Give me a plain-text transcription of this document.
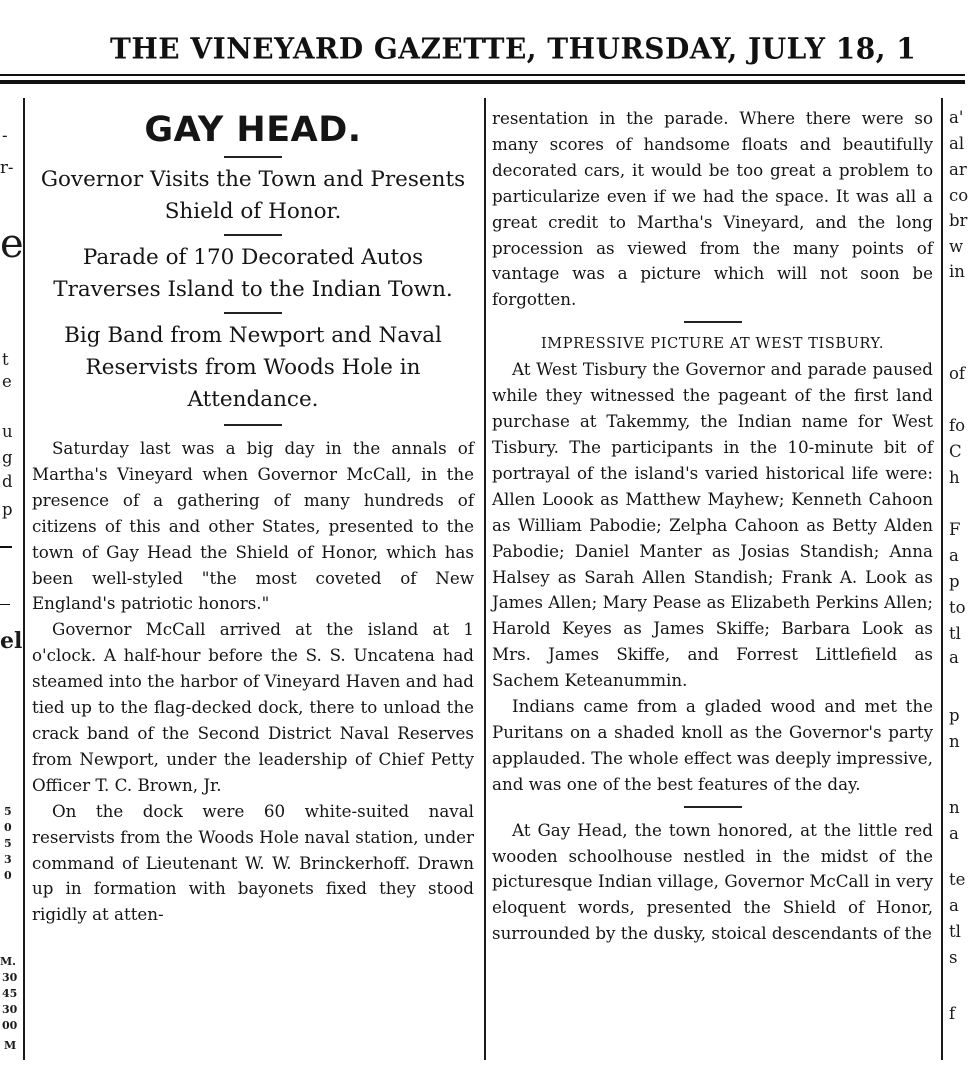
THE VINEYARD GAZETTE, THURSDAY, JULY 18, 1
GAY HEAD.
Governor Visits the Town and Presents Shield of Honor.
Parade of 170 Decorated Autos Traverses Island to the Indian Town.
Big Band from Newport and Naval Reservists from Woods Hole in Attendance.

Saturday last was a big day in the annals of Martha's Vineyard when Governor McCall, in the presence of a gathering of many hundreds of citizens of this and other States, presented to the town of Gay Head the Shield of Honor, which has been well-styled "the most coveted of New England's patriotic honors."

Governor McCall arrived at the island at 1 o'clock. A half-hour before the S. S. Uncatena had steamed into the harbor of Vineyard Haven and had tied up to the flag-decked dock, there to unload the crack band of the Second District Naval Reserves from Newport, under the leadership of Chief Petty Officer T. C. Brown, Jr.

On the dock were 60 white-suited naval reservists from the Woods Hole naval station, under command of Lieutenant W. W. Brinckerhoff. Drawn up in formation with bayonets fixed they stood rigidly at atten-

resentation in the parade. Where there were so many scores of handsome floats and beautifully decorated cars, it would be too great a problem to particularize even if we had the space. It was all a great credit to Martha's Vineyard, and the long procession as viewed from the many points of vantage was a picture which will not soon be forgotten.

IMPRESSIVE PICTURE AT WEST TISBURY.

At West Tisbury the Governor and parade paused while they witnessed the pageant of the first land purchase at Takemmy, the Indian name for West Tisbury. The participants in the 10-minute bit of portrayal of the island's varied historical life were: Allen Loook as Matthew Mayhew; Kenneth Cahoon as William Pabodie; Zelpha Cahoon as Betty Alden Pabodie; Daniel Manter as Josias Standish; Anna Halsey as Sarah Allen Standish; Frank A. Look as James Allen; Mary Pease as Elizabeth Perkins Allen; Harold Keyes as James Skiffe; Barbara Look as Mrs. James Skiffe, and Forrest Littlefield as Sachem Keteanummin.

Indians came from a gladed wood and met the Puritans on a shaded knoll as the Governor's party applauded. The whole effect was deeply impressive, and was one of the best features of the day.

At Gay Head, the town honored, at the little red wooden schoolhouse nestled in the midst of the picturesque Indian village, Governor McCall in very eloquent words, presented the Shield of Honor, surrounded by the dusky, stoical descendants of the

-
r-
e
t
e
u
g
d
p
el
5
0
5
3
0
M.
30
45
30
00
M
a'
al
ar
co
br
w
in
of
fo
C
h
F
a
p
to
tl
a
p
n
n
a
te
a
tl
s
f
